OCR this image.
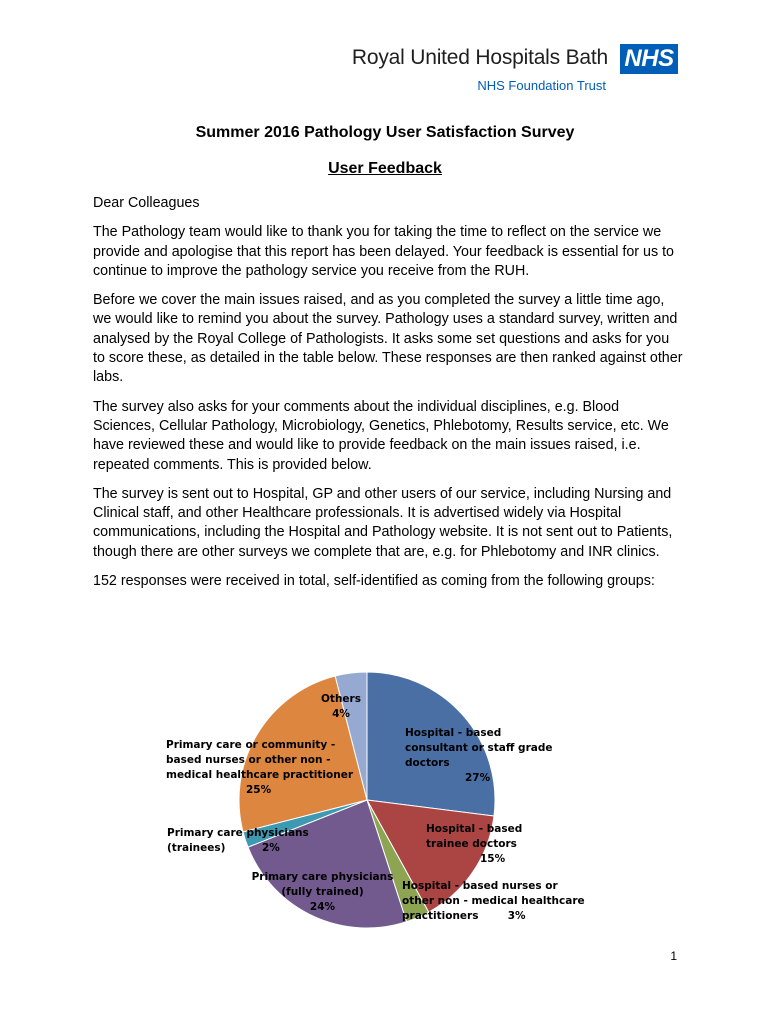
Royal United Hospitals Bath
NHS Foundation Trust
NHS
Summer 2016 Pathology User Satisfaction Survey
User Feedback

Dear Colleagues

The Pathology team would like to thank you for taking the time to reflect on the service we provide and apologise that this report has been delayed. Your feedback is essential for us to continue to improve the pathology service you receive from the RUH.

Before we cover the main issues raised, and as you completed the survey a little time ago, we would like to remind you about the survey. Pathology uses a standard survey, written and analysed by the Royal College of Pathologists. It asks some set questions and asks for you to score these, as detailed in the table below. These responses are then ranked against other labs.

The survey also asks for your comments about the individual disciplines, e.g. Blood Sciences, Cellular Pathology, Microbiology, Genetics, Phlebotomy, Results service, etc. We have reviewed these and would like to provide feedback on the main issues raised, i.e. repeated comments. This is provided below.

The survey is sent out to Hospital, GP and other users of our service, including Nursing and Clinical staff, and other Healthcare professionals. It is advertised widely via Hospital communications, including the Hospital and Pathology website. It is not sent out to Patients, though there are other surveys we complete that are, e.g. for Phlebotomy and INR clinics.

152 responses were received in total, self-identified as coming from the following groups:

Others
4%
Hospital - based
consultant or staff grade
doctors
27%
Hospital - based
trainee doctors
15%
Hospital - based nurses or
other non - medical healthcare
practitioners        3%
Primary care physicians
(fully trained)
24%
Primary care physicians
(trainees)          2%
Primary care or community -
based nurses or other non -
medical healthcare practitioner
25%
1
